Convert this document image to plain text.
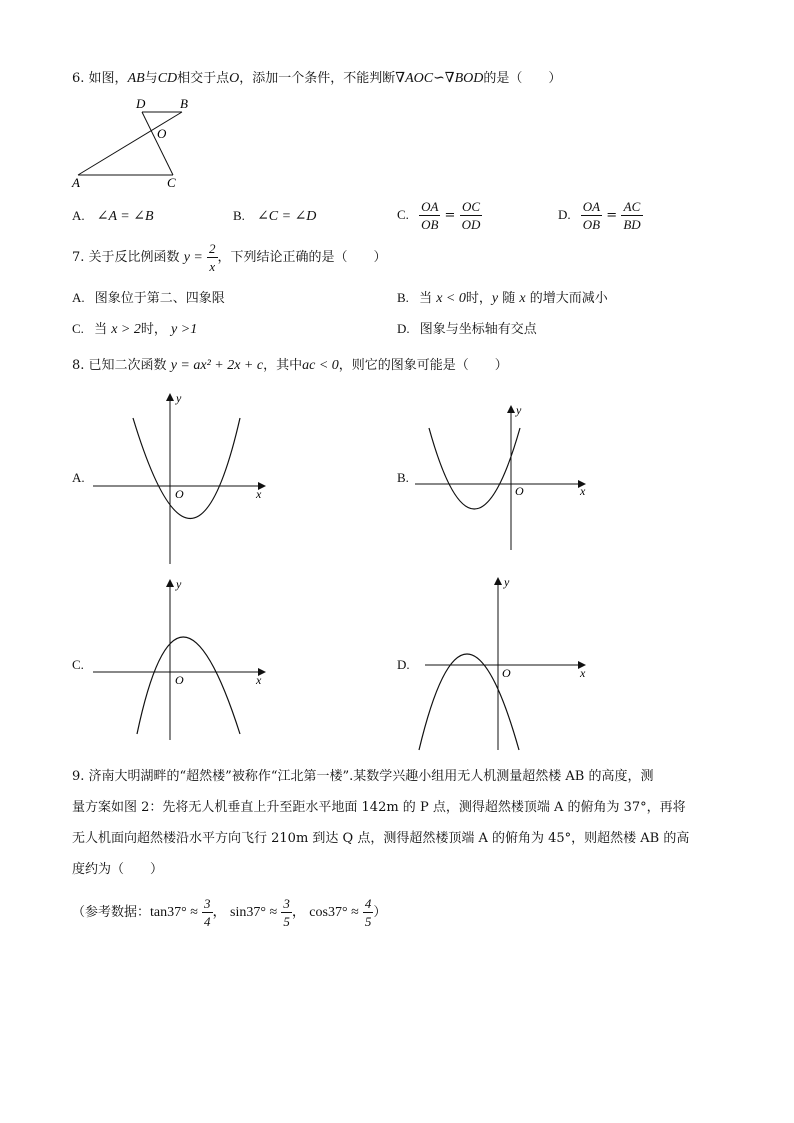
6. 如图，AB与CD相交于点O，添加一个条件，不能判断∇AOC∽∇BOD的是（　　）
D	B
O
A	C
A. ∠A = ∠B	B. ∠C = ∠D	C. $\frac{OA}{OB} = \frac{OC}{OD}$	D. $\frac{OA}{OB} = \frac{AC}{BD}$
7. 关于反比例函数 $y = \frac{2}{x}$ ，下列结论正确的是（　　）
A. 图象位于第二、四象限	B. 当 x < 0时，y 随 x 的增大而减小
C. 当 x > 2时， y >1	D. 图象与坐标轴有交点
8. 已知二次函数 y = ax² + 2x + c，其中ac < 0，则它的图象可能是（　　）
A.
y
x
O
B.
y
x
O
C.
y
x
O
D.
y
x
O
9. 济南大明湖畔的“超然楼”被称作“江北第一楼”.某数学兴趣小组用无人机测量超然楼 AB 的高度，测
量方案如图 2：先将无人机垂直上升至距水平地面 142m 的 P 点，测得超然楼顶端 A 的俯角为 37°，再将
无人机面向超然楼沿水平方向飞行 210m 到达 Q 点，测得超然楼顶端 A 的俯角为 45°，则超然楼 AB 的高
度约为（　　）
（参考数据：$\tan 37^\circ \approx \frac{3}{4}$ ， $\sin 37^\circ \approx \frac{3}{5}$ ， $\cos 37^\circ \approx \frac{4}{5}$ ）
